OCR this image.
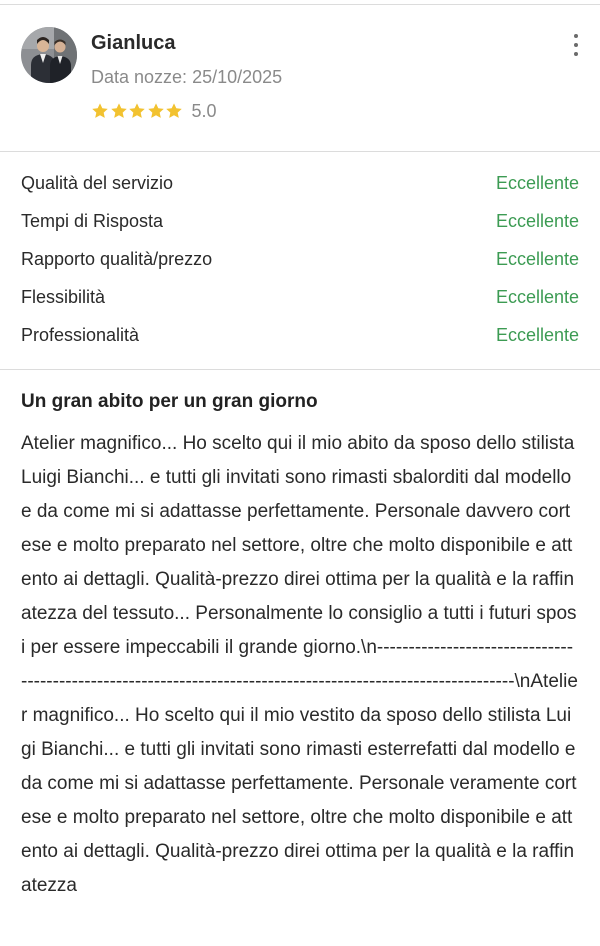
Gianluca
Data nozze: 25/10/2025
5.0
Qualità del servizio	Eccellente
Tempi di Risposta	Eccellente
Rapporto qualità/prezzo	Eccellente
Flessibilità	Eccellente
Professionalità	Eccellente
Un gran abito per un gran giorno

Atelier magnifico... Ho scelto qui il mio abito da sposo dello stilista Luigi Bianchi... e tutti gli invitati sono rimasti sbalorditi dal modello e da come mi si adattasse perfettamente. Personale davvero cortese e molto preparato nel settore, oltre che molto disponibile e attento ai dettagli. Qualità-prezzo direi ottima per la qualità e la raffinatezza del tessuto... Personalmente lo consiglio a tutti i futuri sposi per essere impeccabili il grande giorno.\n-------------------------------------------------------------------------------------------------------------\nAtelier magnifico... Ho scelto qui il mio vestito da sposo dello stilista Luigi Bianchi... e tutti gli invitati sono rimasti esterrefatti dal modello e da come mi si adattasse perfettamente. Personale veramente cortese e molto preparato nel settore, oltre che molto disponibile e attento ai dettagli. Qualità-prezzo direi ottima per la qualità e la raffinatezza
